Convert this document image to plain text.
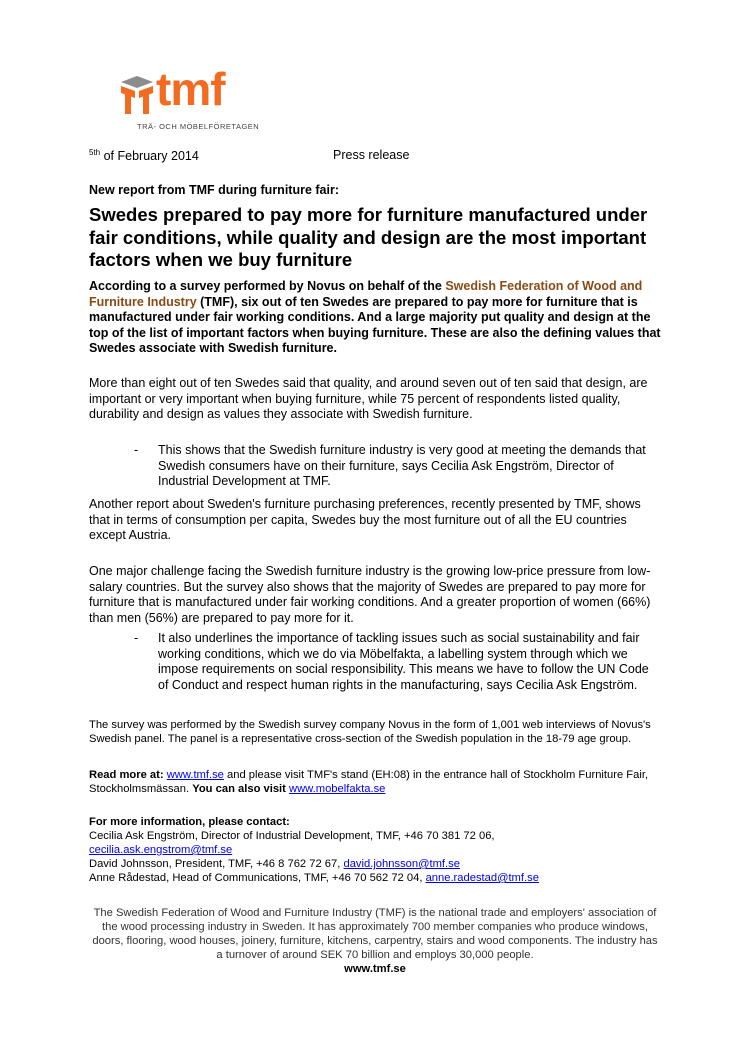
tmf
TRÄ- OCH MÖBELFÖRETAGEN
$^{5th}$ of February 2014	Press release
New report from TMF during furniture fair:
Swedes prepared to pay more for furniture manufactured under fair conditions, while quality and design are the most important factors when we buy furniture

According to a survey performed by Novus on behalf of the Swedish Federation of Wood and Furniture Industry (TMF), six out of ten Swedes are prepared to pay more for furniture that is manufactured under fair working conditions. And a large majority put quality and design at the top of the list of important factors when buying furniture. These are also the defining values that Swedes associate with Swedish furniture.

More than eight out of ten Swedes said that quality, and around seven out of ten said that design, are important or very important when buying furniture, while 75 percent of respondents listed quality, durability and design as values they associate with Swedish furniture.

- This shows that the Swedish furniture industry is very good at meeting the demands that Swedish consumers have on their furniture, says Cecilia Ask Engström, Director of Industrial Development at TMF.

Another report about Sweden's furniture purchasing preferences, recently presented by TMF, shows that in terms of consumption per capita, Swedes buy the most furniture out of all the EU countries except Austria.

One major challenge facing the Swedish furniture industry is the growing low-price pressure from low-salary countries. But the survey also shows that the majority of Swedes are prepared to pay more for furniture that is manufactured under fair working conditions. And a greater proportion of women (66%) than men (56%) are prepared to pay more for it.

- It also underlines the importance of tackling issues such as social sustainability and fair working conditions, which we do via Möbelfakta, a labelling system through which we impose requirements on social responsibility. This means we have to follow the UN Code of Conduct and respect human rights in the manufacturing, says Cecilia Ask Engström.

The survey was performed by the Swedish survey company Novus in the form of 1,001 web interviews of Novus's Swedish panel. The panel is a representative cross-section of the Swedish population in the 18-79 age group.

Read more at: www.tmf.se and please visit TMF's stand (EH:08) in the entrance hall of Stockholm Furniture Fair, Stockholmsmässan. You can also visit www.mobelfakta.se

For more information, please contact:
Cecilia Ask Engström, Director of Industrial Development, TMF, +46 70 381 72 06,
cecilia.ask.engstrom@tmf.se
David Johnsson, President, TMF, +46 8 762 72 67, david.johnsson@tmf.se
Anne Rådestad, Head of Communications, TMF, +46 70 562 72 04, anne.radestad@tmf.se

The Swedish Federation of Wood and Furniture Industry (TMF) is the national trade and employers' association of the wood processing industry in Sweden. It has approximately 700 member companies who produce windows, doors, flooring, wood houses, joinery, furniture, kitchens, carpentry, stairs and wood components. The industry has a turnover of around SEK 70 billion and employs 30,000 people.
www.tmf.se
